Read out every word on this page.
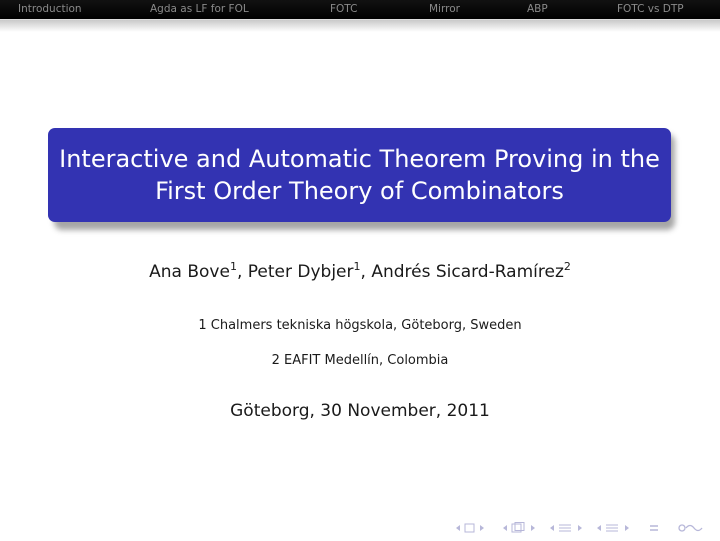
Introduction	Agda as LF for FOL	FOTC	Mirror	ABP	FOTC vs DTP
Interactive and Automatic Theorem Proving in the
First Order Theory of Combinators
Ana Bove$^1$, Peter Dybjer$^1$, Andrés Sicard-Ramírez$^2$
1 Chalmers tekniska högskola, Göteborg, Sweden
2 EAFIT Medellín, Colombia
Göteborg, 30 November, 2011
